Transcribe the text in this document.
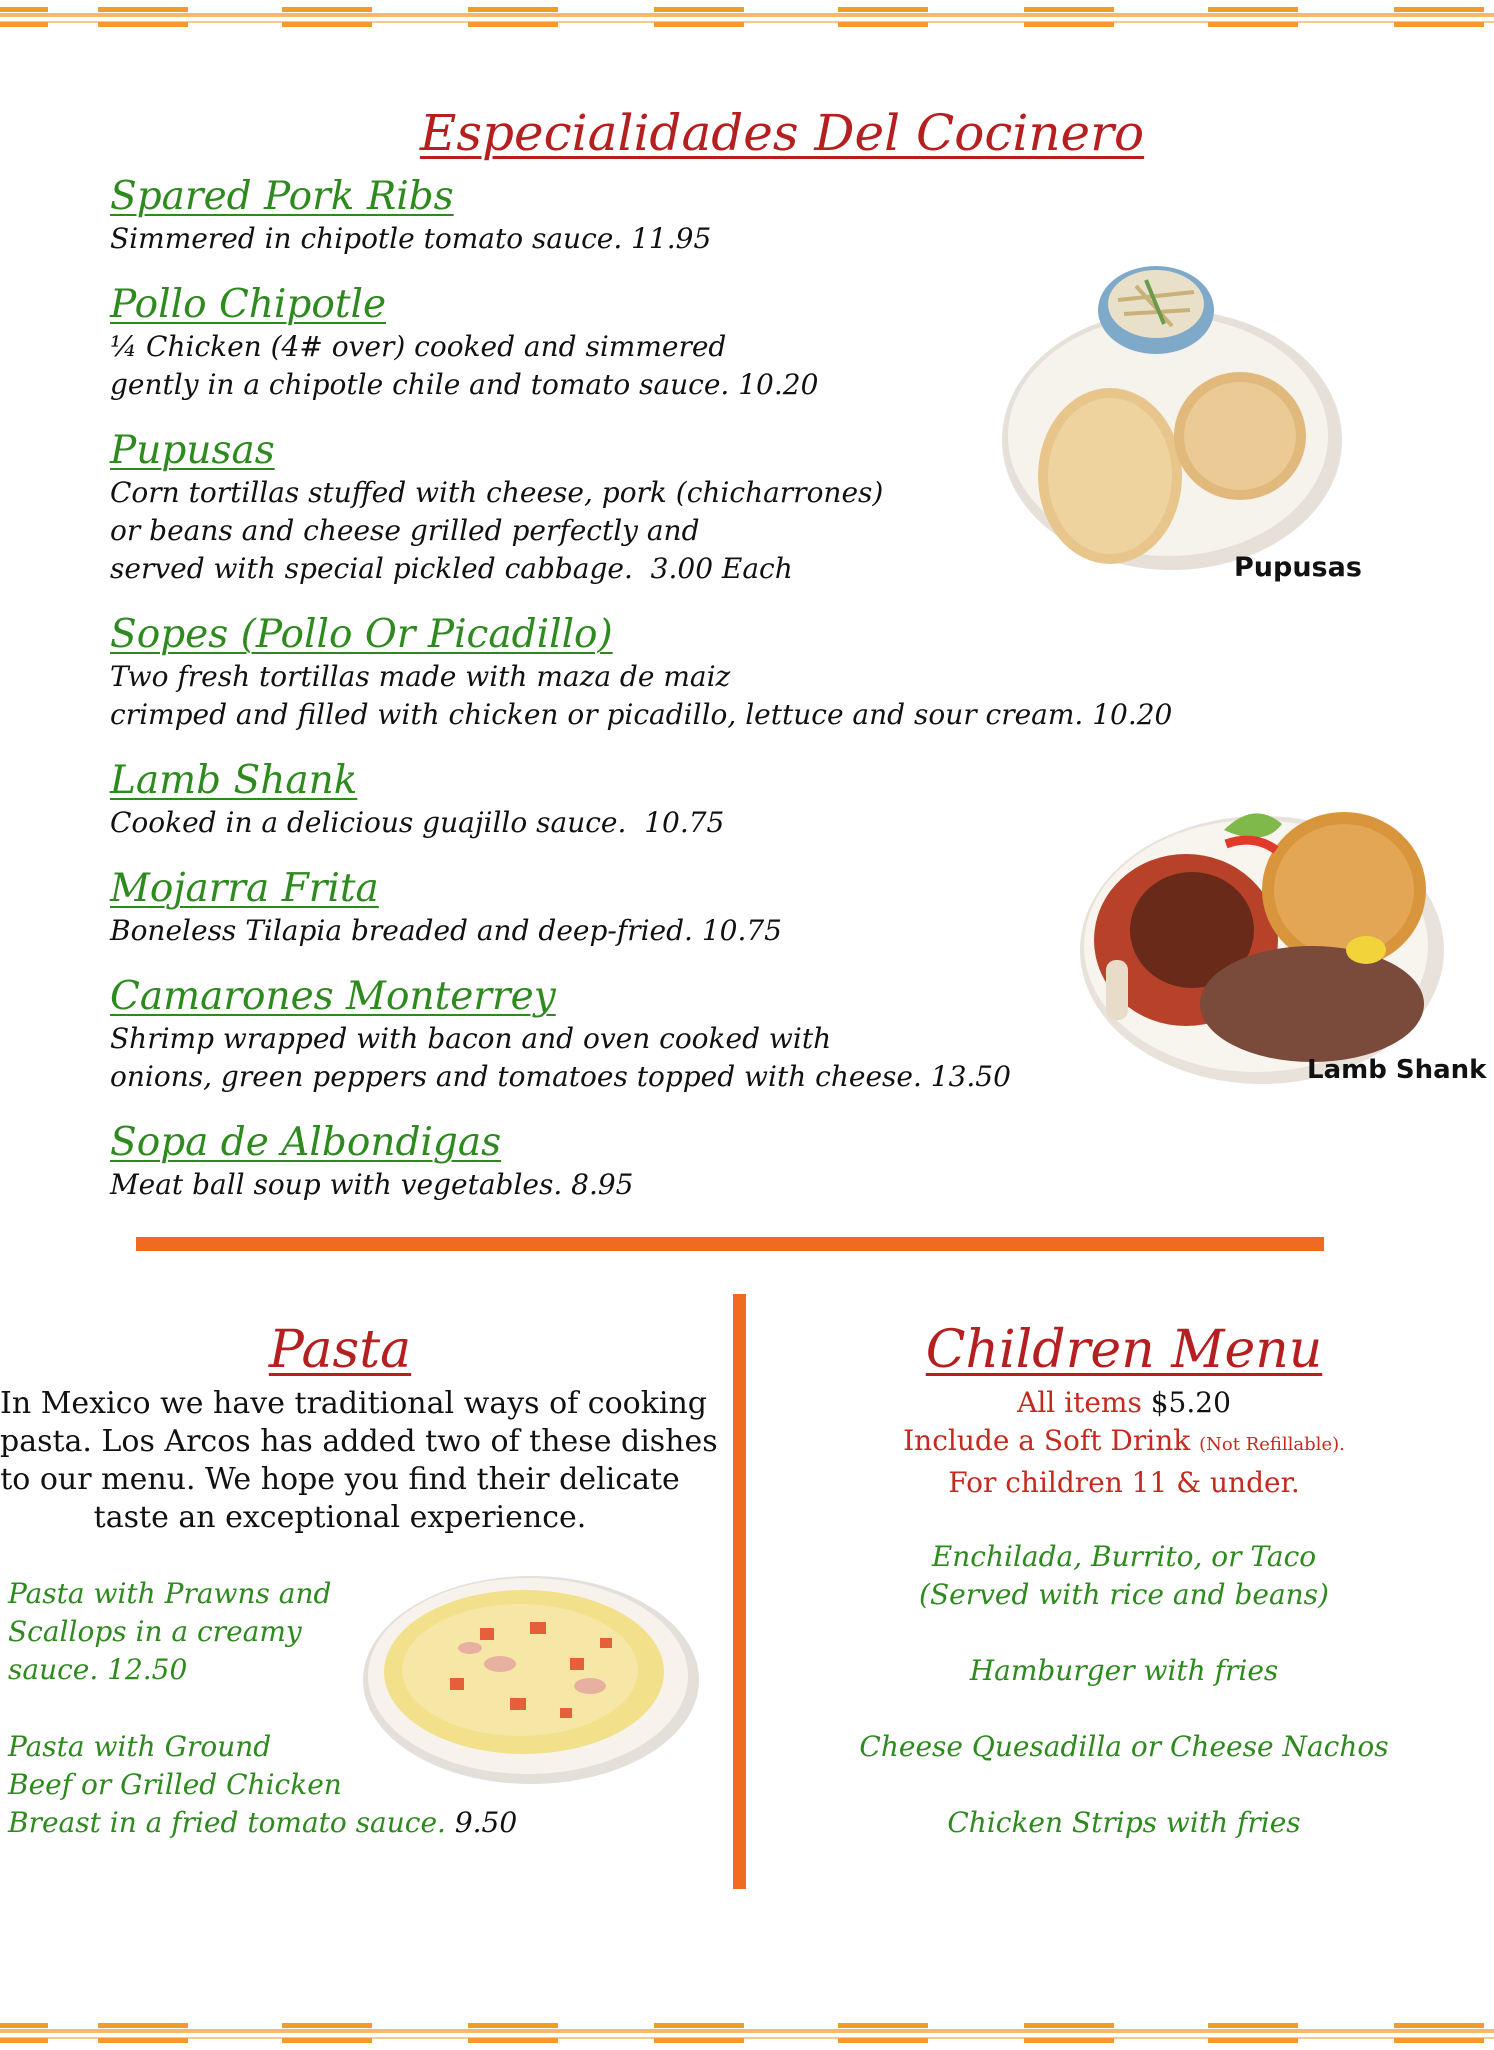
Especialidades Del Cocinero
Spared Pork Ribs
Simmered in chipotle tomato sauce. 11.95
Pollo Chipotle
¼ Chicken (4# over) cooked and simmered
gently in a chipotle chile and tomato sauce. 10.20
Pupusas
Corn tortillas stuffed with cheese, pork (chicharrones)
or beans and cheese grilled perfectly and
served with special pickled cabbage.  3.00 Each
Sopes (Pollo Or Picadillo)
Two fresh tortillas made with maza de maiz
crimped and filled with chicken or picadillo, lettuce and sour cream. 10.20
Lamb Shank
Cooked in a delicious guajillo sauce.  10.75
Mojarra Frita
Boneless Tilapia breaded and deep-fried. 10.75
Camarones Monterrey
Shrimp wrapped with bacon and oven cooked with
onions, green peppers and tomatoes topped with cheese. 13.50
Sopa de Albondigas
Meat ball soup with vegetables. 8.95
Pupusas
Lamb Shank
Pasta
In Mexico we have traditional ways of cooking
pasta. Los Arcos has added two of these dishes
to our menu. We hope you find their delicate
taste an exceptional experience.
Pasta with Prawns and
Scallops in a creamy
sauce. 12.50
Pasta with Ground
Beef or Grilled Chicken
Breast in a fried tomato sauce. 9.50
Children Menu
All items $5.20
Include a Soft Drink (Not Refillable).
For children 11 & under.
Enchilada, Burrito, or Taco
(Served with rice and beans)
Hamburger with fries
Cheese Quesadilla or Cheese Nachos
Chicken Strips with fries
